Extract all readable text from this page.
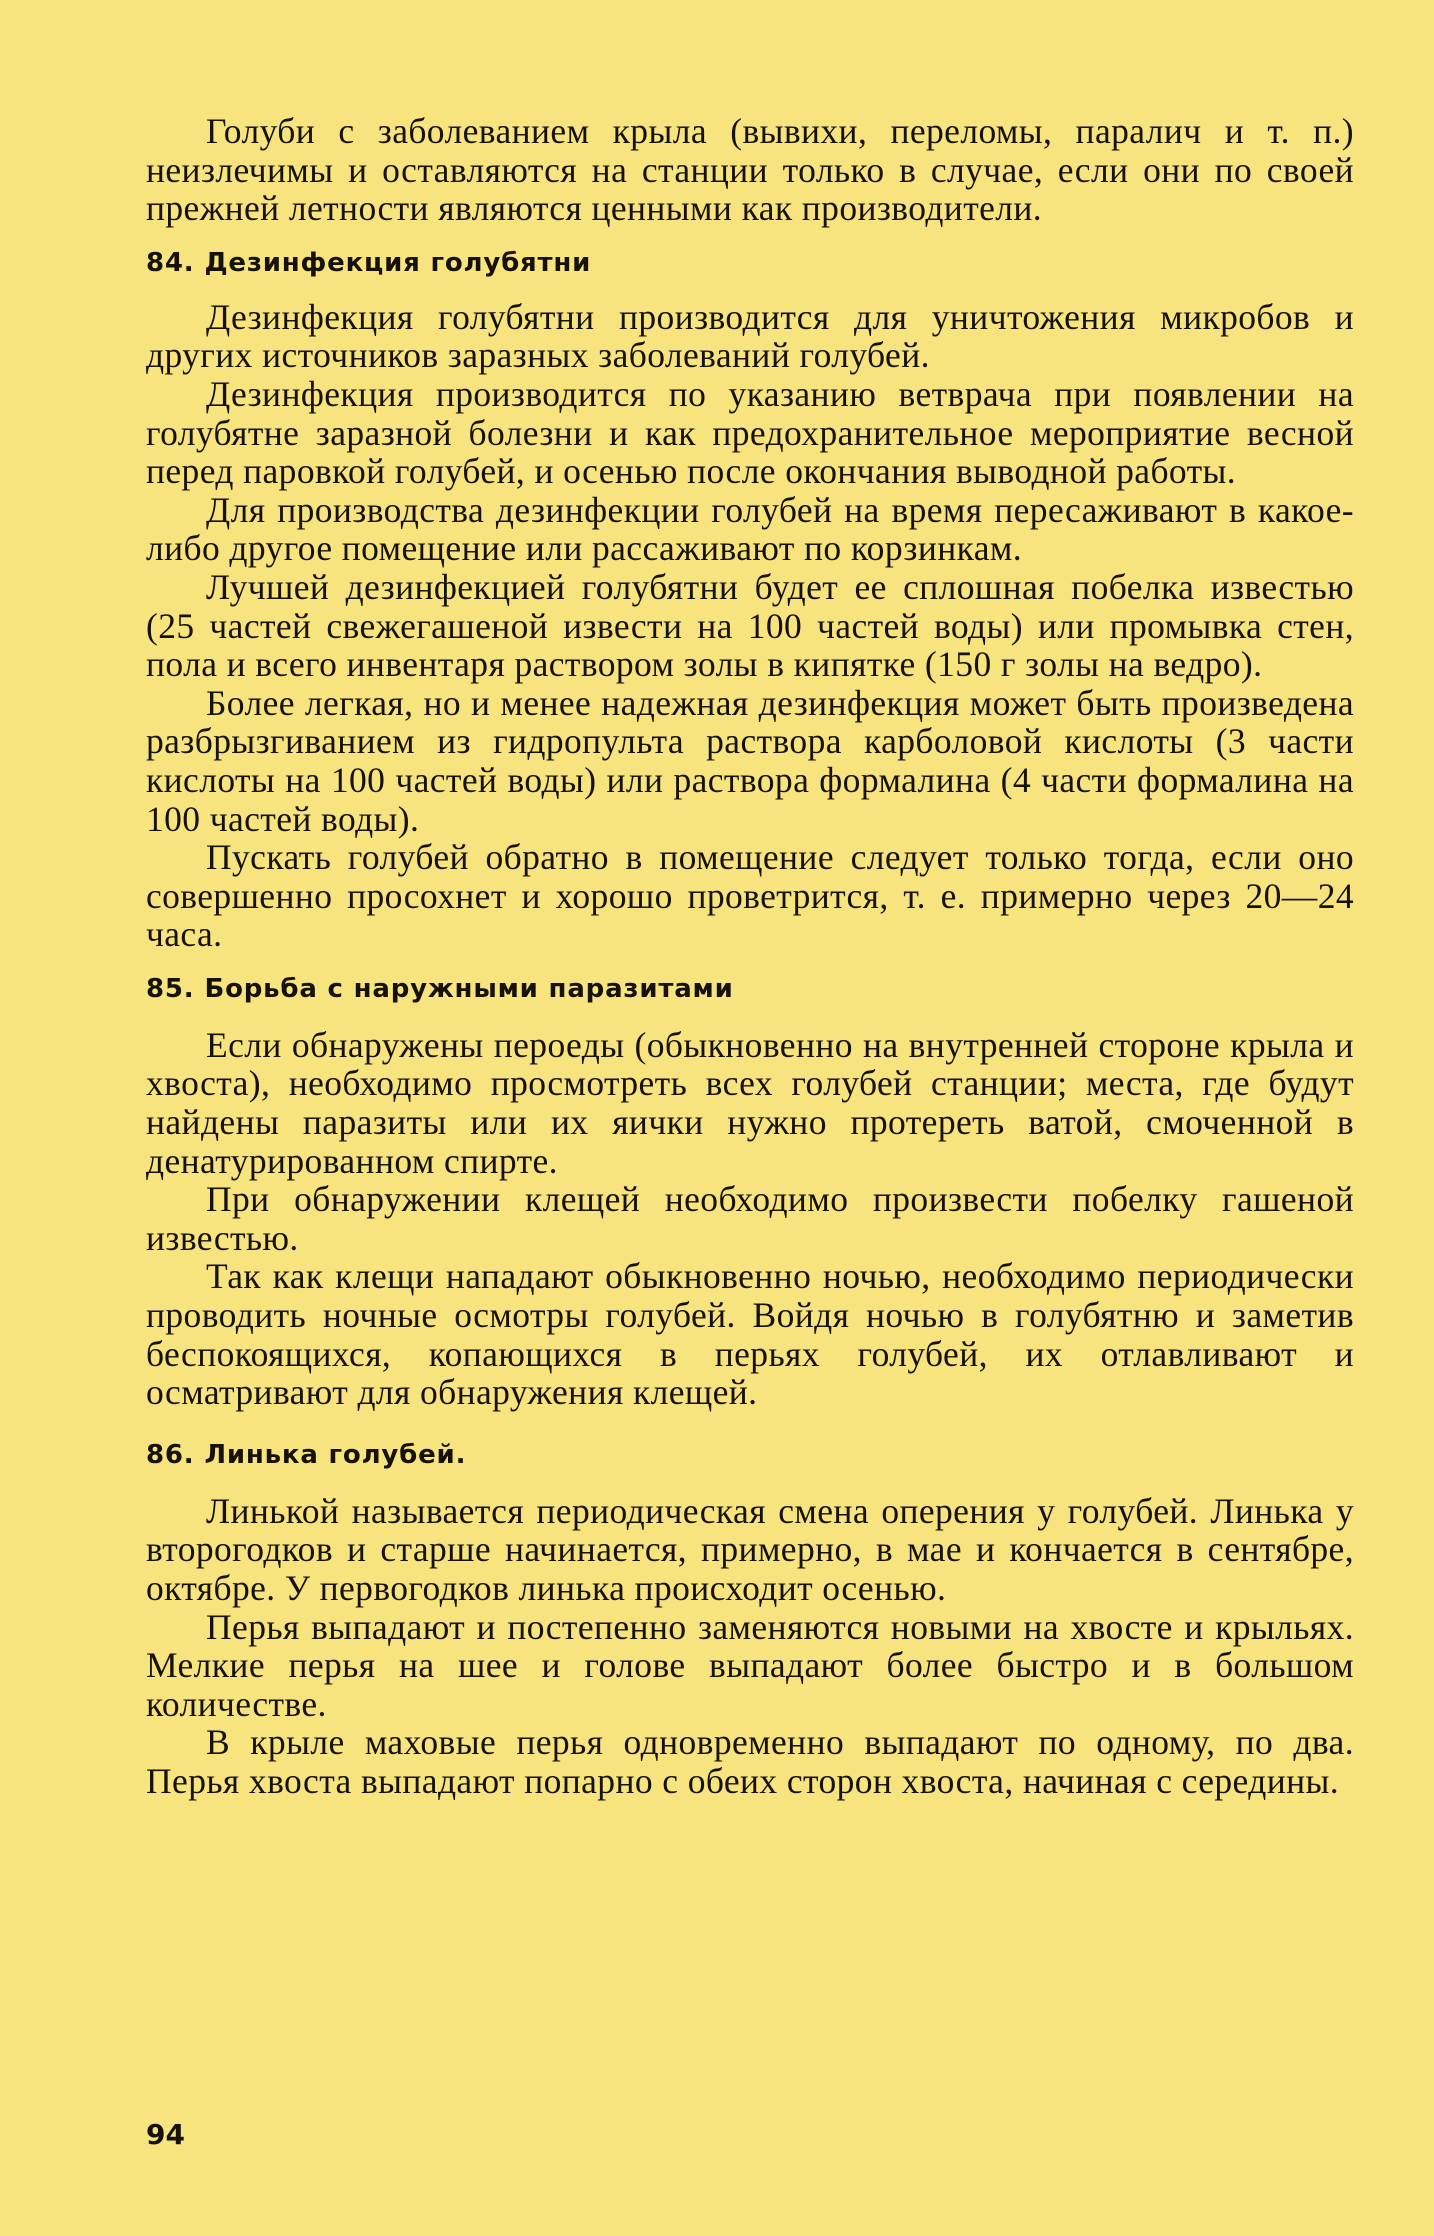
Голуби с заболеванием крыла (вывихи, переломы, паралич и т. п.) неизлечимы и оставляются на станции только в случае, если они по своей прежней летности являются ценными как производители.

84. Дезинфекция голубятни

Дезинфекция голубятни производится для уничтожения микробов и других источников заразных заболеваний голубей.

Дезинфекция производится по указанию ветврача при появлении на голубятне заразной болезни и как предохранительное мероприятие весной перед паровкой голубей, и осенью после окончания выводной работы.

Для производства дезинфекции голубей на время пересаживают в какое-либо другое помещение или рассаживают по корзинкам.

Лучшей дезинфекцией голубятни будет ее сплошная побелка известью (25 частей свежегашеной извести на 100 частей воды) или промывка стен, пола и всего инвентаря раствором золы в кипятке (150 г золы на ведро).

Более легкая, но и менее надежная дезинфекция может быть произведена разбрызгиванием из гидропульта раствора карболовой кислоты (3 части кислоты на 100 частей воды) или раствора формалина (4 части формалина на 100 частей воды).

Пускать голубей обратно в помещение следует только тогда, если оно совершенно просохнет и хорошо проветрится, т. е. примерно через 20—24 часа.

85. Борьба с наружными паразитами

Если обнаружены пероеды (обыкновенно на внутренней стороне крыла и хвоста), необходимо просмотреть всех голубей станции; места, где будут найдены паразиты или их яички нужно протереть ватой, смоченной в денатурированном спирте.

При обнаружении клещей необходимо произвести побелку гашеной известью.

Так как клещи нападают обыкновенно ночью, необходимо периодически проводить ночные осмотры голубей. Войдя ночью в голубятню и заметив беспокоящихся, копающихся в перьях голубей, их отлавливают и осматривают для обнаружения клещей.

86. Линька голубей.

Линькой называется периодическая смена оперения у голубей. Линька у второгодков и старше начинается, примерно, в мае и кончается в сентябре, октябре. У первогодков линька происходит осенью.

Перья выпадают и постепенно заменяются новыми на хвосте и крыльях. Мелкие перья на шее и голове выпадают более быстро и в большом количестве.

В крыле маховые перья одновременно выпадают по одному, по два. Перья хвоста выпадают попарно с обеих сторон хвоста, начиная с середины.

94
